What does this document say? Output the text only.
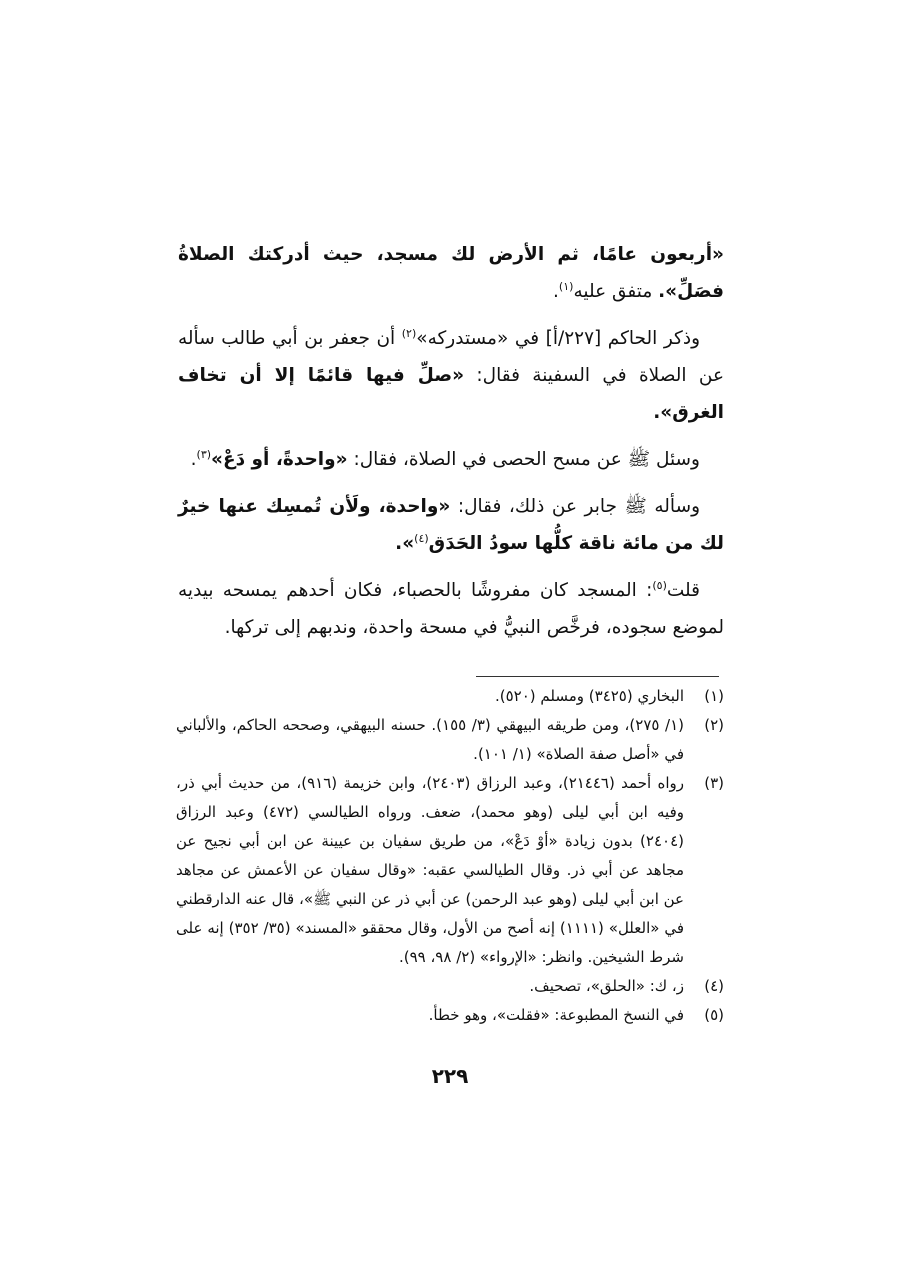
«أربعون عامًا، ثم الأرض لك مسجد، حيث أدركتك الصلاةُ فصَلِّ». متفق عليه$^{(١)}$.

وذكر الحاكم [٢٢٧/أ] في «مستدركه»$^{(٢)}$ أن جعفر بن أبي طالب سأله عن الصلاة في السفينة فقال: «صلِّ فيها قائمًا إلا أن تخاف الغرق».

وسئل ﷺ عن مسح الحصى في الصلاة، فقال: «واحدةً، أو دَعْ»$^{(٣)}$.

وسأله ﷺ جابر عن ذلك، فقال: «واحدة، ولَأن تُمسِك عنها خيرٌ لك من مائة ناقة كلُّها سودُ الحَدَق$^{(٤)}$».

قلت$^{(٥)}$: المسجد كان مفروشًا بالحصباء، فكان أحدهم يمسحه بيديه لموضع سجوده، فرخَّص النبيُّ في مسحة واحدة، وندبهم إلى تركها.

(١)
البخاري (٣٤٢٥) ومسلم (٥٢٠).
(٢)
(١/ ٢٧٥)، ومن طريقه البيهقي (٣/ ١٥٥). حسنه البيهقي، وصححه الحاكم، والألباني في «أصل صفة الصلاة» (١/ ١٠١).
(٣)
رواه أحمد (٢١٤٤٦)، وعبد الرزاق (٢٤٠٣)، وابن خزيمة (٩١٦)، من حديث أبي ذر، وفيه ابن أبي ليلى (وهو محمد)، ضعف. ورواه الطيالسي (٤٧٢) وعبد الرزاق (٢٤٠٤) بدون زيادة «أوْ دَعْ»، من طريق سفيان بن عيينة عن ابن أبي نجيح عن مجاهد عن أبي ذر. وقال الطيالسي عقبه: «وقال سفيان عن الأعمش عن مجاهد عن ابن أبي ليلى (وهو عبد الرحمن) عن أبي ذر عن النبي ﷺ»، قال عنه الدارقطني في «العلل» (١١١١) إنه أصح من الأول، وقال محققو «المسند» (٣٥/ ٣٥٢) إنه على شرط الشيخين. وانظر: «الإرواء» (٢/ ٩٨، ٩٩).
(٤)
ز، ك: «الحلق»، تصحيف.
(٥)
في النسخ المطبوعة: «فقلت»، وهو خطأ.
٢٢٩
